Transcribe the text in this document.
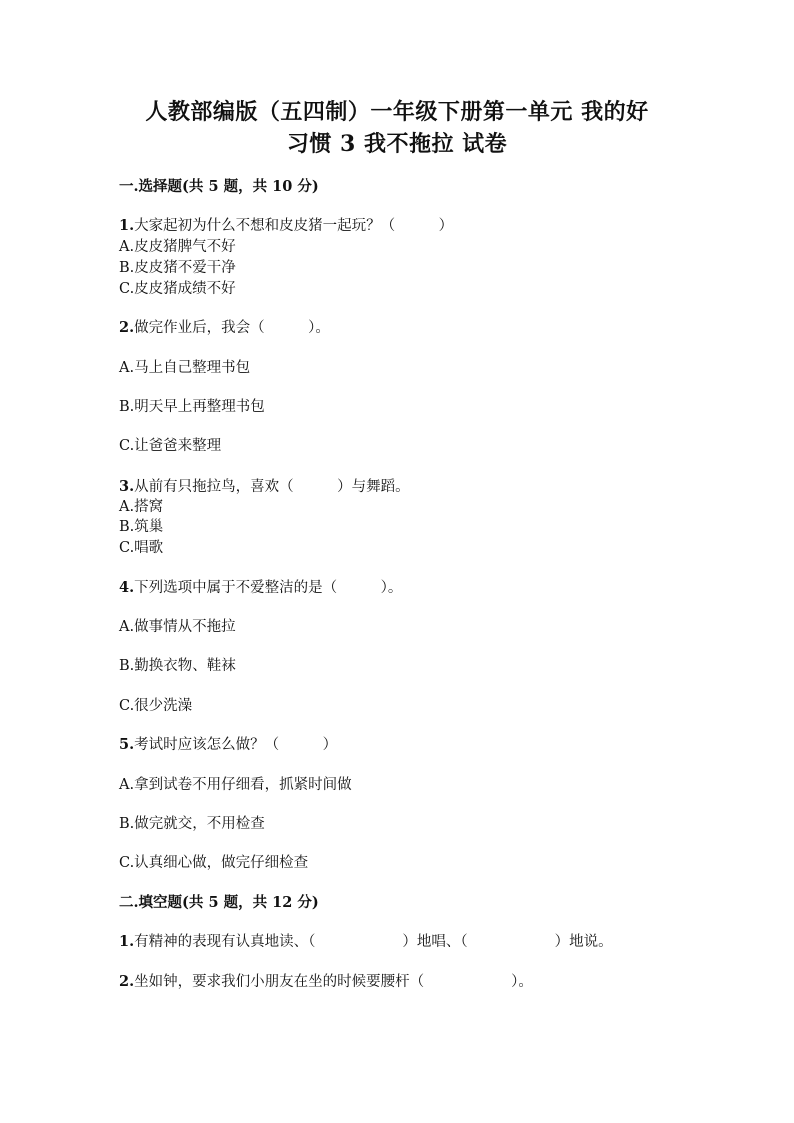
人教部编版（五四制）一年级下册第一单元 我的好
习惯 3 我不拖拉 试卷
一.选择题(共 5 题，共 10 分)
1.大家起初为什么不想和皮皮猪一起玩？（　　　）
A.皮皮猪脾气不好
B.皮皮猪不爱干净
C.皮皮猪成绩不好
2.做完作业后，我会（　　　）。
A.马上自己整理书包
B.明天早上再整理书包
C.让爸爸来整理
3.从前有只拖拉鸟，喜欢（　　　）与舞蹈。
A.搭窝
B.筑巢
C.唱歌
4.下列选项中属于不爱整洁的是（　　　）。
A.做事情从不拖拉
B.勤换衣物、鞋袜
C.很少洗澡
5.考试时应该怎么做？（　　　）
A.拿到试卷不用仔细看，抓紧时间做
B.做完就交，不用检查
C.认真细心做，做完仔细检查
二.填空题(共 5 题，共 12 分)
1.有精神的表现有认真地读、（　　　　　　）地唱、（　　　　　　）地说。
2.坐如钟，要求我们小朋友在坐的时候要腰杆（　　　　　　）。
